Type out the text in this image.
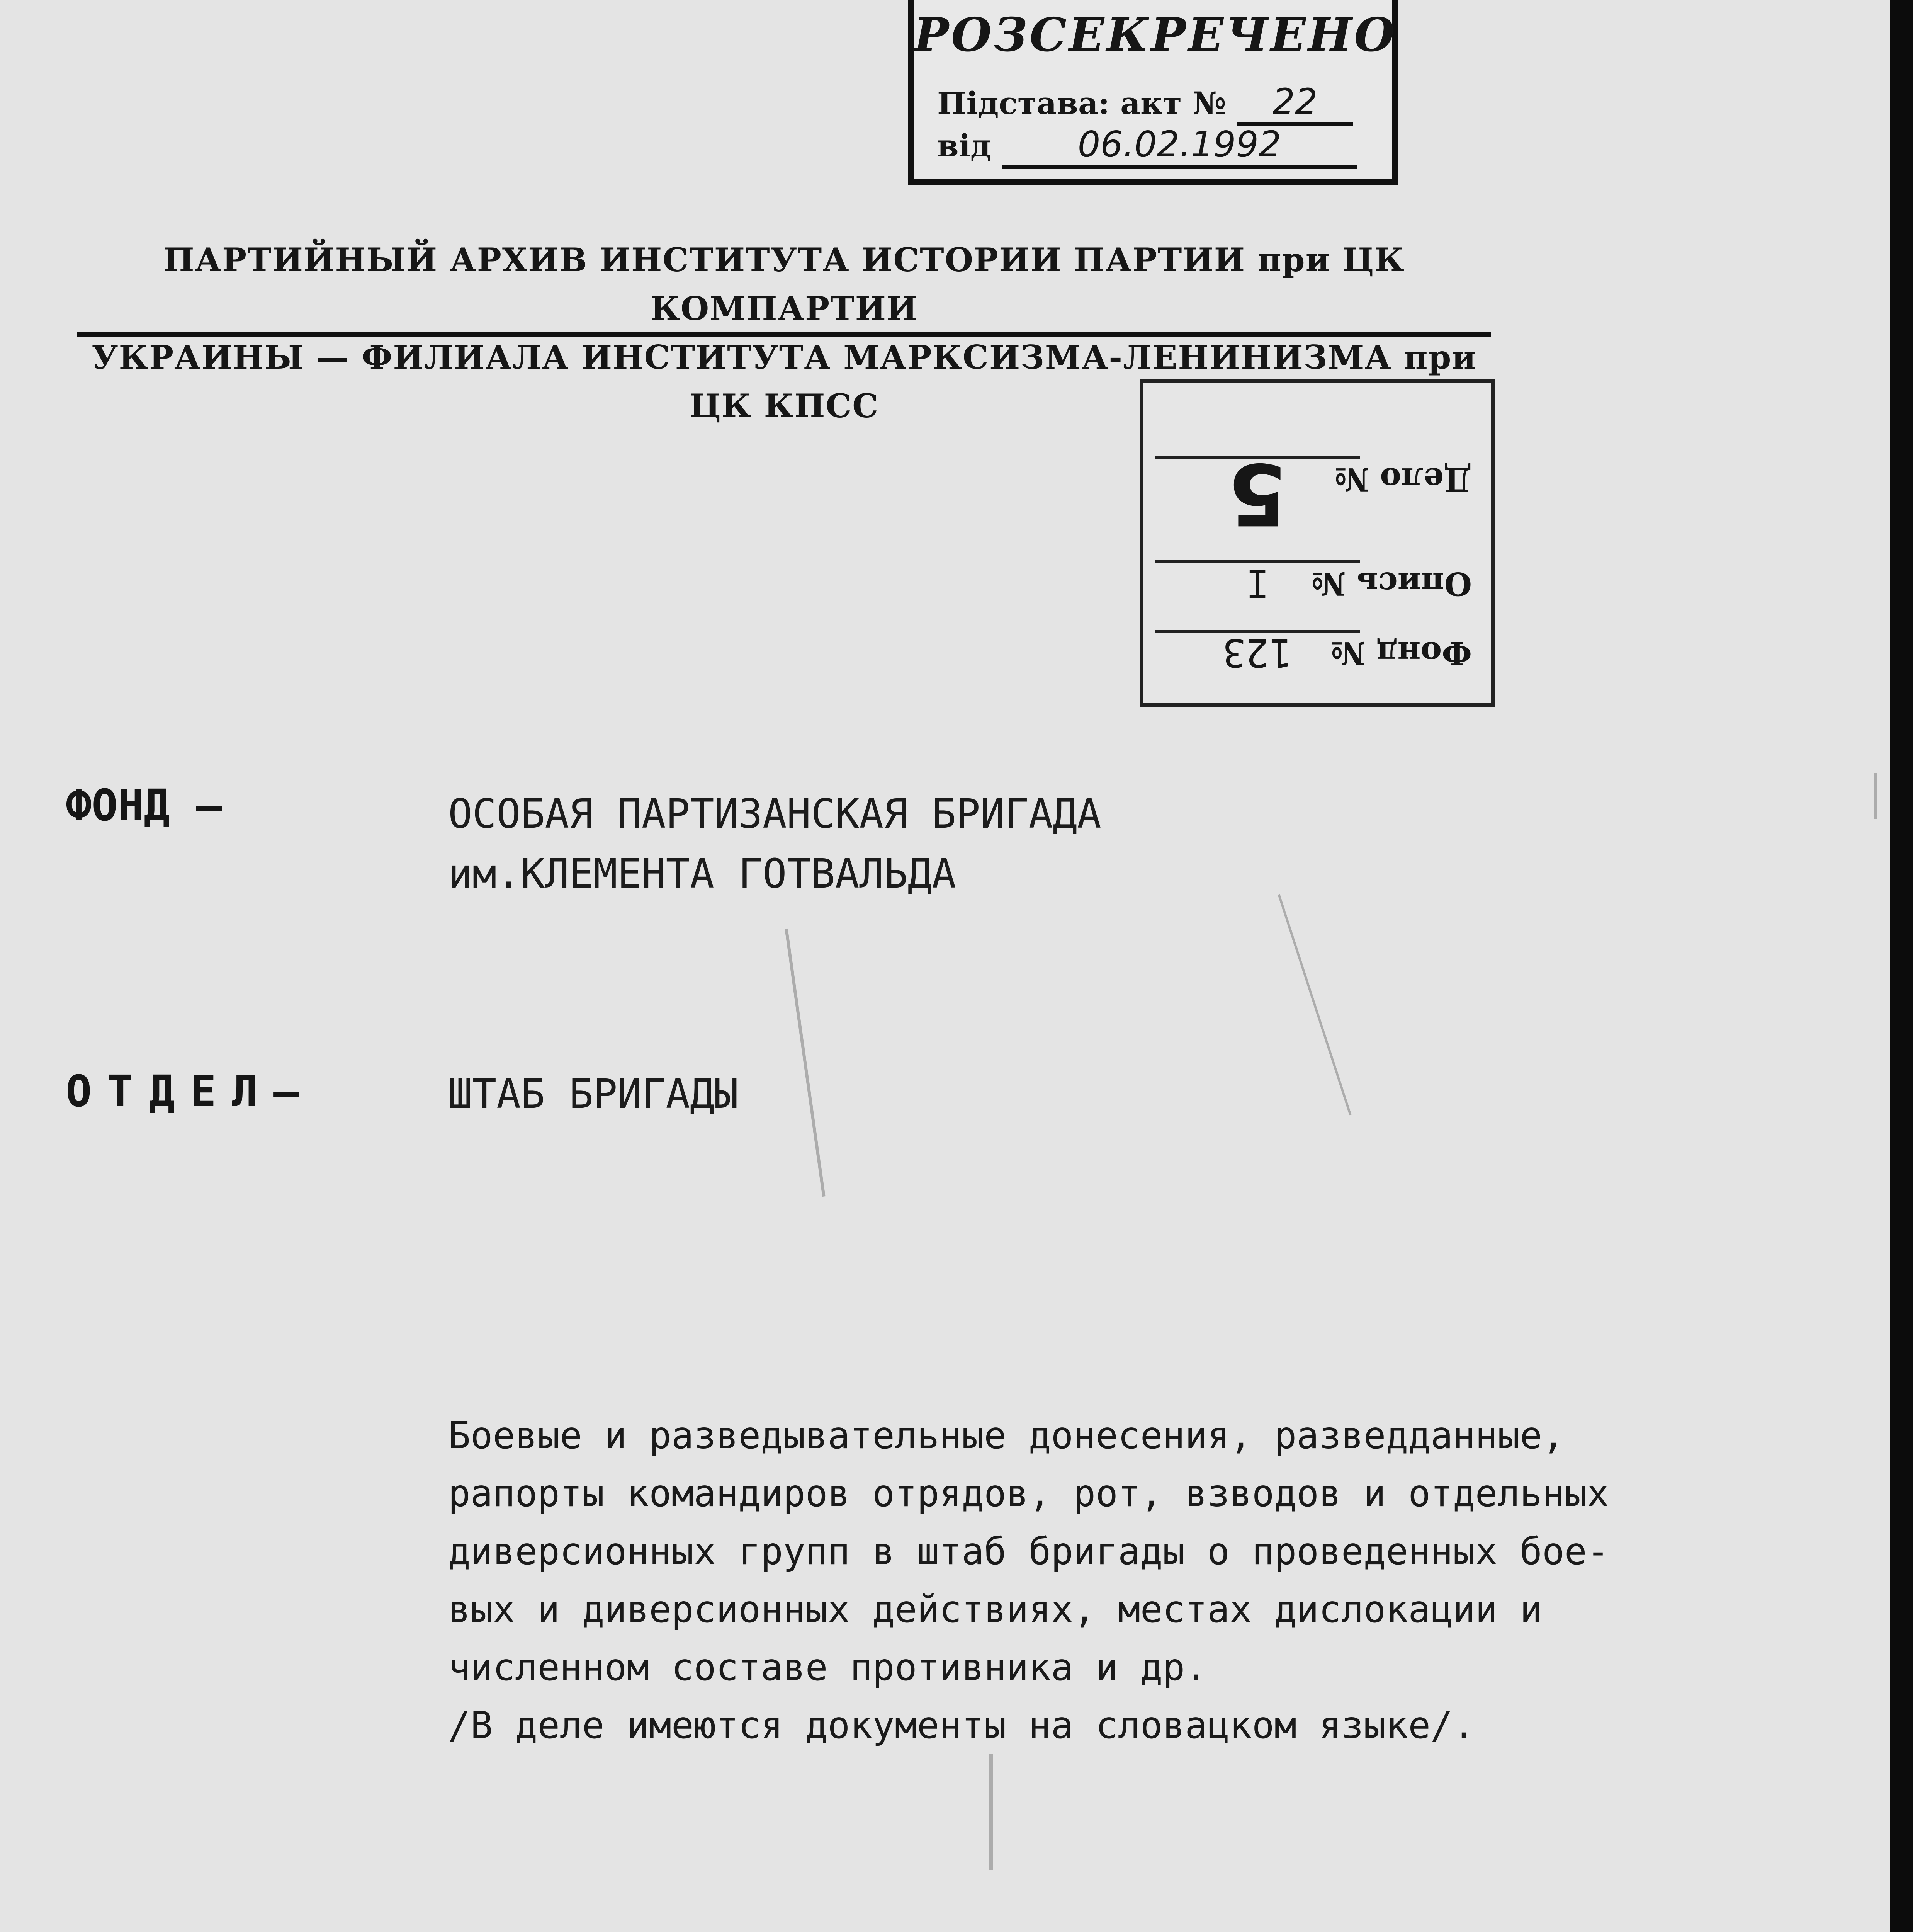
РОЗСЕКРЕЧЕНО
Підстава: акт № 22
від 06.02.1992
ПАРТИЙНЫЙ АРХИВ ИНСТИТУТА ИСТОРИИ ПАРТИИ при ЦК КОМПАРТИИ
УКРАИНЫ — ФИЛИАЛА ИНСТИТУТА МАРКСИЗМА-ЛЕНИНИЗМА при ЦК КПСС
Фонд №
123
Опись №
I
Дело №
5
ФОНД —	ОСОБАЯ ПАРТИЗАНСКАЯ БРИГАДА
им.КЛЕМЕНТА ГОТВАЛЬДА
ОТДЕЛ—	ШТАБ БРИГАДЫ
Боевые и разведывательные донесения, разведданные,
рапорты командиров отрядов, рот, взводов и отдельных
диверсионных групп в штаб бригады о проведенных боe-
вых и диверсионных действиях, местах дислокации и
численном составе противника и др.
/В деле имеются документы на словацком языке/.
